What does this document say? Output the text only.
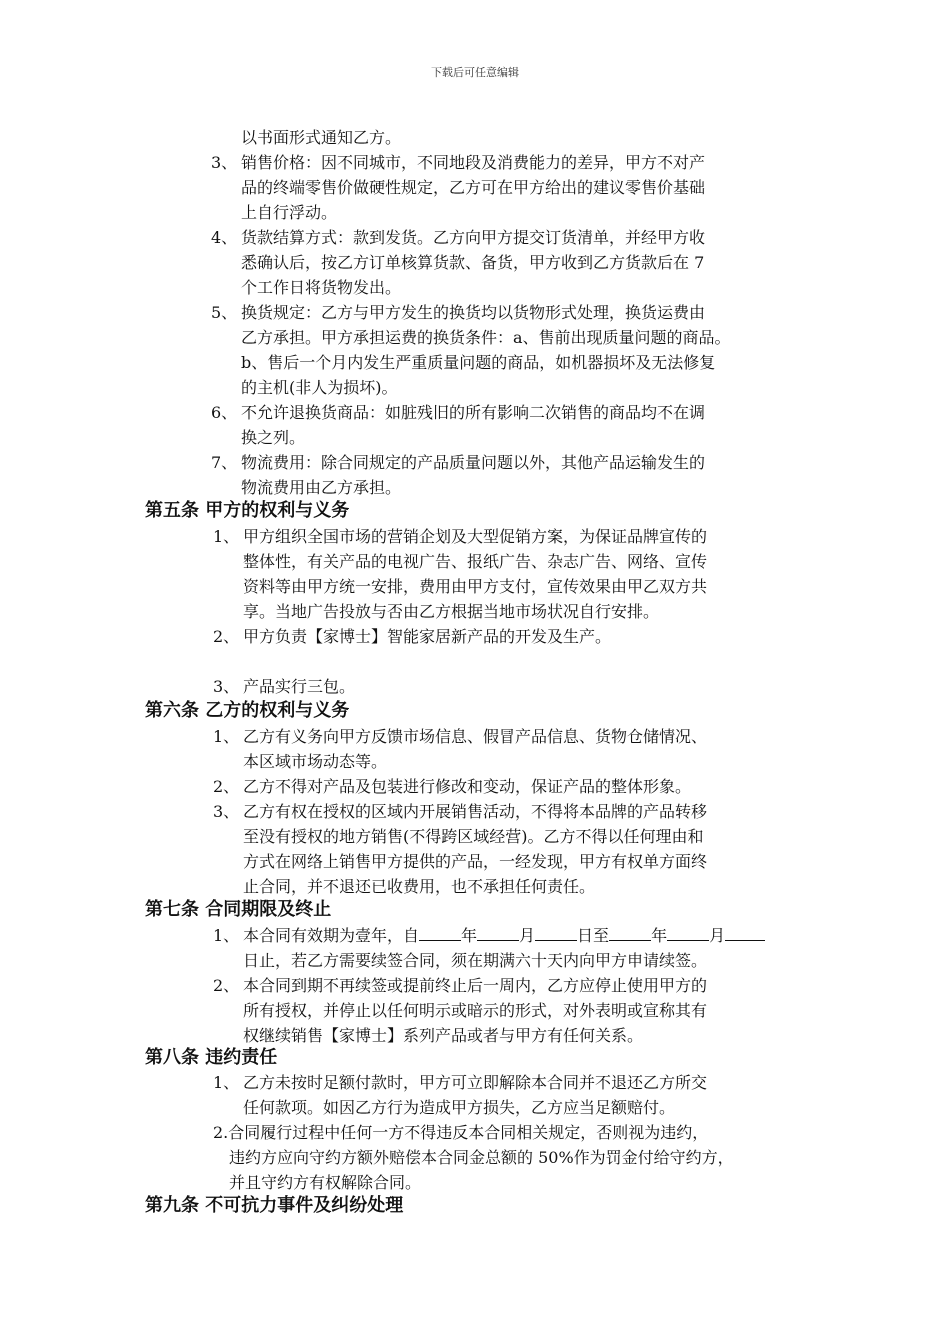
下载后可任意编辑
以书面形式通知乙方。
3、 销售价格：因不同城市，不同地段及消费能力的差异，甲方不对产
品的终端零售价做硬性规定，乙方可在甲方给出的建议零售价基础
上自行浮动。
4、 货款结算方式：款到发货。乙方向甲方提交订货清单，并经甲方收
悉确认后，按乙方订单核算货款、备货，甲方收到乙方货款后在 7
个工作日将货物发出。
5、 换货规定：乙方与甲方发生的换货均以货物形式处理，换货运费由
乙方承担。甲方承担运费的换货条件：a、售前出现质量问题的商品。
b、售后一个月内发生严重质量问题的商品，如机器损坏及无法修复
的主机(非人为损坏)。
6、 不允许退换货商品：如脏残旧的所有影响二次销售的商品均不在调
换之列。
7、 物流费用：除合同规定的产品质量问题以外，其他产品运输发生的
物流费用由乙方承担。
第五条 甲方的权利与义务
1、 甲方组织全国市场的营销企划及大型促销方案，为保证品牌宣传的
整体性，有关产品的电视广告、报纸广告、杂志广告、网络、宣传
资料等由甲方统一安排，费用由甲方支付，宣传效果由甲乙双方共
享。当地广告投放与否由乙方根据当地市场状况自行安排。
2、 甲方负责【家博士】智能家居新产品的开发及生产。
3、 产品实行三包。
第六条 乙方的权利与义务
1、 乙方有义务向甲方反馈市场信息、假冒产品信息、货物仓储情况、
本区域市场动态等。
2、 乙方不得对产品及包装进行修改和变动，保证产品的整体形象。
3、 乙方有权在授权的区域内开展销售活动，不得将本品牌的产品转移
至没有授权的地方销售(不得跨区域经营)。乙方不得以任何理由和
方式在网络上销售甲方提供的产品，一经发现，甲方有权单方面终
止合同，并不退还已收费用，也不承担任何责任。
第七条 合同期限及终止
1、 本合同有效期为壹年，自	年	月	日至	年	月
日止，若乙方需要续签合同，须在期满六十天内向甲方申请续签。
2、 本合同到期不再续签或提前终止后一周内，乙方应停止使用甲方的
所有授权，并停止以任何明示或暗示的形式，对外表明或宣称其有
权继续销售【家博士】系列产品或者与甲方有任何关系。
第八条 违约责任
1、 乙方未按时足额付款时，甲方可立即解除本合同并不退还乙方所交
任何款项。如因乙方行为造成甲方损失，乙方应当足额赔付。
2.合同履行过程中任何一方不得违反本合同相关规定，否则视为违约，
违约方应向守约方额外赔偿本合同金总额的 50%作为罚金付给守约方，
并且守约方有权解除合同。
第九条 不可抗力事件及纠纷处理
